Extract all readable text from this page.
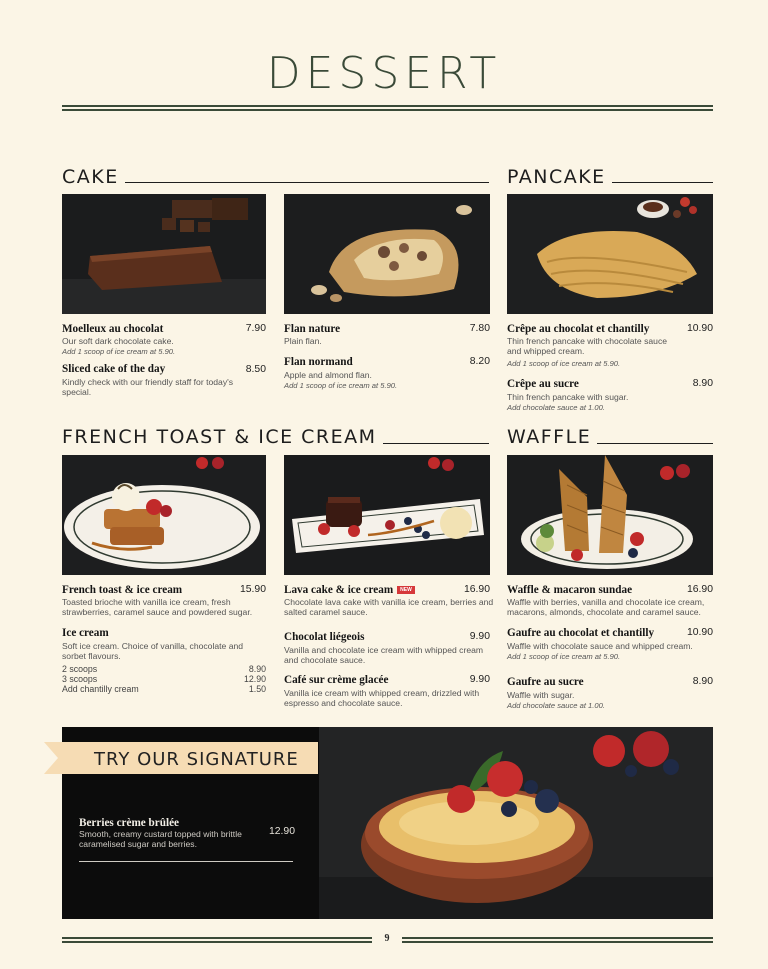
DESSERT
CAKE
Moelleux au chocolat	7.90
Our soft dark chocolate cake.
Add 1 scoop of ice cream at 5.90.
Sliced cake of the day	8.50
Kindly check with our friendly staff for today's special.
Flan nature	7.80
Plain flan.
Flan normand	8.20
Apple and almond flan.
Add 1 scoop of ice cream at 5.90.
PANCAKE
Crêpe au chocolat et chantilly	10.90
Thin french pancake with chocolate sauce and whipped cream.
Add 1 scoop of ice cream at 5.90.
Crêpe au sucre	8.90
Thin french pancake with sugar.
Add chocolate sauce at 1.00.
FRENCH TOAST & ICE CREAM
French toast & ice cream	15.90
Toasted brioche with vanilla ice cream, fresh strawberries, caramel sauce and powdered sugar.
Ice cream
Soft ice cream. Choice of vanilla, chocolate and sorbet flavours.
2 scoops	8.90
3 scoops	12.90
Add chantilly cream	1.50
Lava cake & ice cream NEW	16.90
Chocolate lava cake with vanilla ice cream, berries and salted caramel sauce.
Chocolat liégeois	9.90
Vanilla and chocolate ice cream with whipped cream and chocolate sauce.
Café sur crème glacée	9.90
Vanilla ice cream with whipped cream, drizzled with espresso and chocolate sauce.
WAFFLE
Waffle & macaron sundae	16.90
Waffle with berries, vanilla and chocolate ice cream, macarons, almonds, chocolate and caramel sauce.
Gaufre au chocolat et chantilly	10.90
Waffle with chocolate sauce and whipped cream.
Add 1 scoop of ice cream at 5.90.
Gaufre au sucre	8.90
Waffle with sugar.
Add chocolate sauce at 1.00.
TRY OUR SIGNATURE
Berries crème brûlée
12.90
Smooth, creamy custard topped with brittle caramelised sugar and berries.
9
